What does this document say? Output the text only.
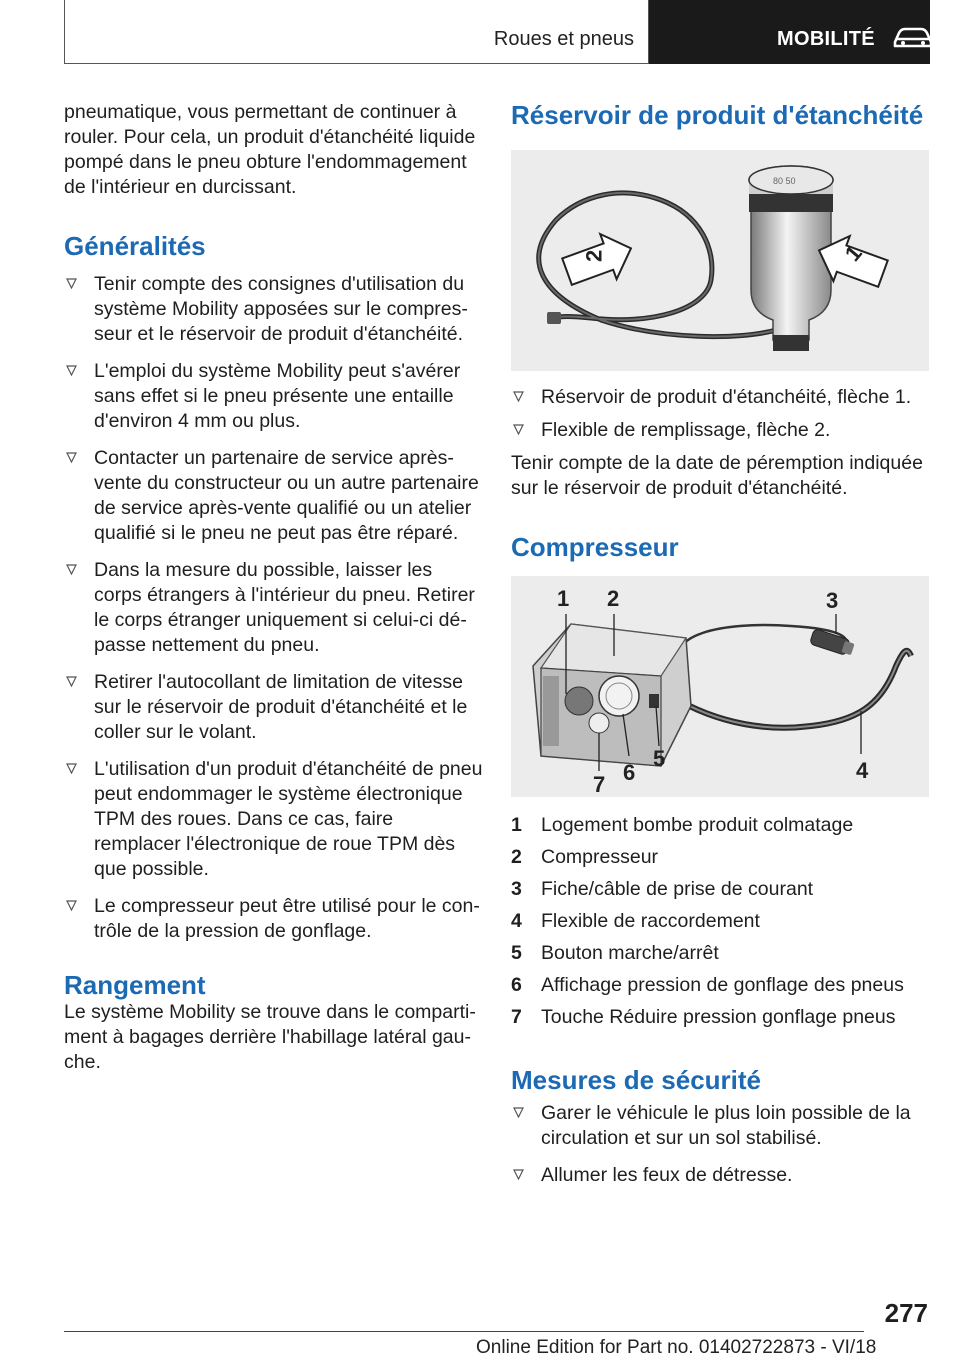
Roues et pneus	MOBILITÉ

pneumatique, vous permettant de continuer à rouler. Pour cela, un produit d'étanchéité liquide pompé dans le pneu obture l'endommagement de l'intérieur en durcissant.

Généralités
Tenir compte des consignes d'utilisation du système Mobility apposées sur le compresseur et le réservoir de produit d'étanchéité.
L'emploi du système Mobility peut s'avérer sans effet si le pneu présente une entaille d'environ 4 mm ou plus.
Contacter un partenaire de service après-vente du constructeur ou un autre partenaire de service après-vente qualifié ou un atelier qualifié si le pneu ne peut pas être réparé.
Dans la mesure du possible, laisser les corps étrangers à l'intérieur du pneu. Retirer le corps étranger uniquement si celui-ci dépasse nettement du pneu.
Retirer l'autocollant de limitation de vitesse sur le réservoir de produit d'étanchéité et le coller sur le volant.
L'utilisation d'un produit d'étanchéité de pneu peut endommager le système électronique TPM des roues. Dans ce cas, faire remplacer l'électronique de roue TPM dès que possible.
Le compresseur peut être utilisé pour le contrôle de la pression de gonflage.
Rangement

Le système Mobility se trouve dans le compartiment à bagages derrière l'habillage latéral gauche.

Réservoir de produit d'étanchéité
80 50
2	1
Réservoir de produit d'étanchéité, flèche 1.
Flexible de remplissage, flèche 2.

Tenir compte de la date de péremption indiquée sur le réservoir de produit d'étanchéité.

Compresseur
1 2	3
4
5
6
7
1 Logement bombe produit colmatage
2 Compresseur
3 Fiche/câble de prise de courant
4 Flexible de raccordement
5 Bouton marche/arrêt
6 Affichage pression de gonflage des pneus
7 Touche Réduire pression gonflage pneus
Mesures de sécurité
Garer le véhicule le plus loin possible de la circulation et sur un sol stabilisé.
Allumer les feux de détresse.
277
Online Edition for Part no. 01402722873 - VI/18
